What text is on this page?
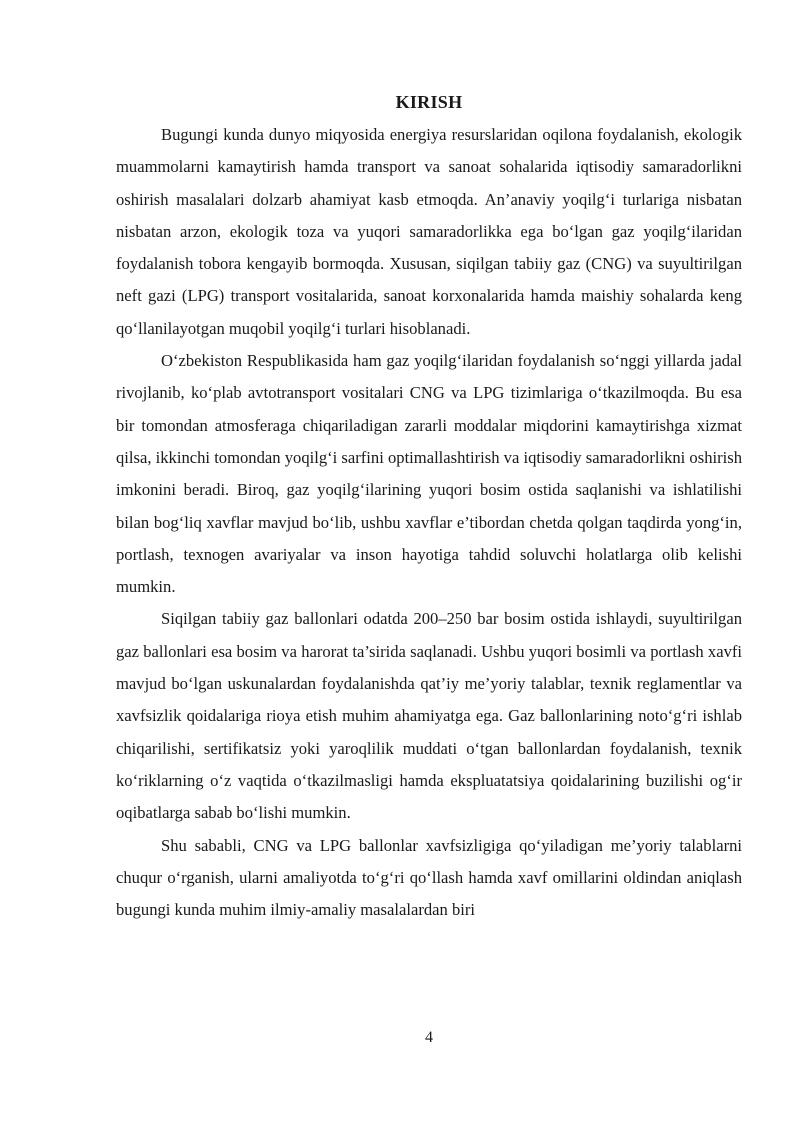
KIRISH

Bugungi kunda dunyo miqyosida energiya resurslaridan oqilona foydalanish, ekologik muammolarni kamaytirish hamda transport va sanoat sohalarida iqtisodiy samaradorlikni oshirish masalalari dolzarb ahamiyat kasb etmoqda. An’anaviy yoqilg‘i turlariga nisbatan nisbatan arzon, ekologik toza va yuqori samaradorlikka ega bo‘lgan gaz yoqilg‘ilaridan foydalanish tobora kengayib bormoqda. Xususan, siqilgan tabiiy gaz (CNG) va suyultirilgan neft gazi (LPG) transport vositalarida, sanoat korxonalarida hamda maishiy sohalarda keng qo‘llanilayotgan muqobil yoqilg‘i turlari hisoblanadi.

O‘zbekiston Respublikasida ham gaz yoqilg‘ilaridan foydalanish so‘nggi yillarda jadal rivojlanib, ko‘plab avtotransport vositalari CNG va LPG tizimlariga o‘tkazilmoqda. Bu esa bir tomondan atmosferaga chiqariladigan zararli moddalar miqdorini kamaytirishga xizmat qilsa, ikkinchi tomondan yoqilg‘i sarfini optimallashtirish va iqtisodiy samaradorlikni oshirish imkonini beradi. Biroq, gaz yoqilg‘ilarining yuqori bosim ostida saqlanishi va ishlatilishi bilan bog‘liq xavflar mavjud bo‘lib, ushbu xavflar e’tibordan chetda qolgan taqdirda yong‘in, portlash, texnogen avariyalar va inson hayotiga tahdid soluvchi holatlarga olib kelishi mumkin.

Siqilgan tabiiy gaz ballonlari odatda 200–250 bar bosim ostida ishlaydi, suyultirilgan gaz ballonlari esa bosim va harorat ta’sirida saqlanadi. Ushbu yuqori bosimli va portlash xavfi mavjud bo‘lgan uskunalardan foydalanishda qat’iy me’yoriy talablar, texnik reglamentlar va xavfsizlik qoidalariga rioya etish muhim ahamiyatga ega. Gaz ballonlarining noto‘g‘ri ishlab chiqarilishi, sertifikatsiz yoki yaroqlilik muddati o‘tgan ballonlardan foydalanish, texnik ko‘riklarning o‘z vaqtida o‘tkazilmasligi hamda ekspluatatsiya qoidalarining buzilishi og‘ir oqibatlarga sabab bo‘lishi mumkin.

Shu sababli, CNG va LPG ballonlar xavfsizligiga qo‘yiladigan me’yoriy talablarni chuqur o‘rganish, ularni amaliyotda to‘g‘ri qo‘llash hamda xavf omillarini oldindan aniqlash bugungi kunda muhim ilmiy-amaliy masalalardan biri

4
